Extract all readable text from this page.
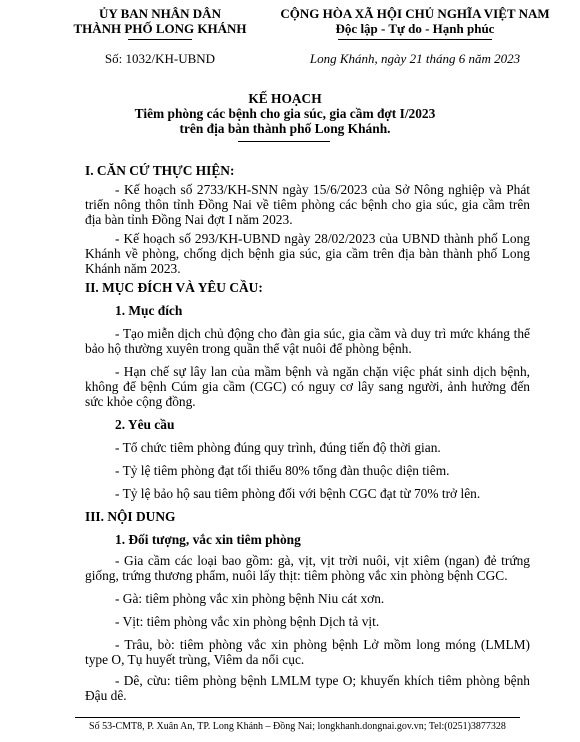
ỦY BAN NHÂN DÂN
THÀNH PHỐ LONG KHÁNH
CỘNG HÒA XÃ HỘI CHỦ NGHĨA VIỆT NAM
Độc lập - Tự do - Hạnh phúc
Số: 1032/KH-UBND	Long Khánh, ngày 21 tháng 6 năm 2023
KẾ HOẠCH
Tiêm phòng các bệnh cho gia súc, gia cầm đợt I/2023
trên địa bàn thành phố Long Khánh.
I. CĂN CỨ THỰC HIỆN:
- Kế hoạch số 2733/KH-SNN ngày 15/6/2023 của Sở Nông nghiệp và Phát triển nông thôn tỉnh Đồng Nai về tiêm phòng các bệnh cho gia súc, gia cầm trên địa bàn tỉnh Đồng Nai đợt I năm 2023.
- Kế hoạch số 293/KH-UBND ngày 28/02/2023 của UBND thành phố Long Khánh về phòng, chống dịch bệnh gia súc, gia cầm trên địa bàn thành phố Long Khánh năm 2023.
II. MỤC ĐÍCH VÀ YÊU CẦU:
1. Mục đích
- Tạo miễn dịch chủ động cho đàn gia súc, gia cầm và duy trì mức kháng thể bảo hộ thường xuyên trong quần thể vật nuôi để phòng bệnh.
- Hạn chế sự lây lan của mầm bệnh và ngăn chặn việc phát sinh dịch bệnh, không để bệnh Cúm gia cầm (CGC) có nguy cơ lây sang người, ảnh hưởng đến sức khỏe cộng đồng.
2. Yêu cầu
- Tổ chức tiêm phòng đúng quy trình, đúng tiến độ thời gian.
- Tỷ lệ tiêm phòng đạt tối thiểu 80% tổng đàn thuộc diện tiêm.
- Tỷ lệ bảo hộ sau tiêm phòng đối với bệnh CGC đạt từ 70% trở lên.
III. NỘI DUNG
1. Đối tượng, vắc xin tiêm phòng
- Gia cầm các loại bao gồm: gà, vịt, vịt trời nuôi, vịt xiêm (ngan) đẻ trứng giống, trứng thương phẩm, nuôi lấy thịt: tiêm phòng vắc xin phòng bệnh CGC.
- Gà: tiêm phòng vắc xin phòng bệnh Niu cát xơn.
- Vịt: tiêm phòng vắc xin phòng bệnh Dịch tả vịt.
- Trâu, bò: tiêm phòng vắc xin phòng bệnh Lở mồm long móng (LMLM) type O, Tụ huyết trùng, Viêm da nổi cục.
- Dê, cừu: tiêm phòng bệnh LMLM type O; khuyến khích tiêm phòng bệnh Đậu dê.
Số 53-CMT8, P. Xuân An, TP. Long Khánh – Đồng Nai; longkhanh.dongnai.gov.vn; Tel:(0251)3877328
